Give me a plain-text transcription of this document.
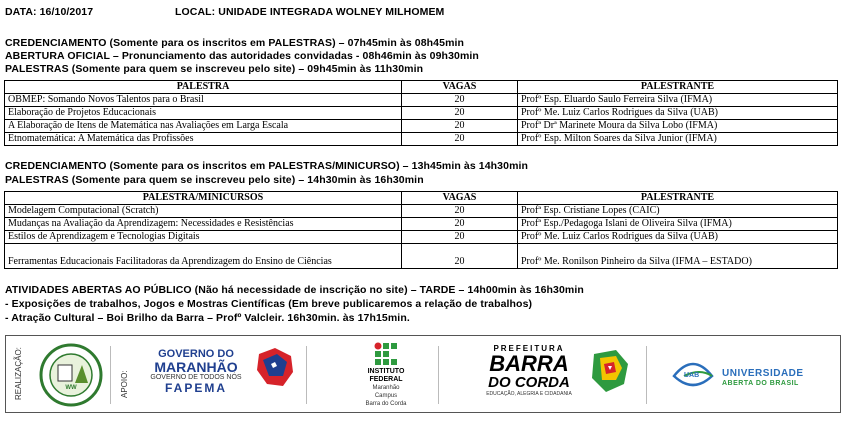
DATA: 16/10/2017	LOCAL: UNIDADE INTEGRADA WOLNEY MILHOMEM
CREDENCIAMENTO (Somente para os inscritos em PALESTRAS) – 07h45min às 08h45min
ABERTURA OFICIAL – Pronunciamento das autoridades convidadas - 08h46min às 09h30min
PALESTRAS (Somente para quem se inscreveu pelo site) – 09h45min às 11h30min
PALESTRA	VAGAS	PALESTRANTE
OBMEP: Somando Novos Talentos para o Brasil	20	Profº Esp. Eluardo Saulo Ferreira Silva (IFMA)
Elaboração de Projetos Educacionais	20	Profº Me. Luiz Carlos Rodrigues da Silva (UAB)
A Elaboração de Itens de Matemática nas Avaliações em Larga Escala	20	Profª Drª Marinete Moura da Silva Lobo (IFMA)
Etnomatemática: A Matemática das Profissões	20	Profº Esp. Milton Soares da Silva Junior (IFMA)
CREDENCIAMENTO (Somente para os inscritos em PALESTRAS/MINICURSO) – 13h45min às 14h30min
PALESTRAS (Somente para quem se inscreveu pelo site) – 14h30min às 16h30min
PALESTRA/MINICURSOS	VAGAS	PALESTRANTE
Modelagem Computacional (Scratch)	20	Profª Esp. Cristiane Lopes (CAIC)
Mudanças na Avaliação da Aprendizagem: Necessidades e Resistências	20	Profª Esp./Pedagoga Islani de Oliveira Silva (IFMA)
Estilos de Aprendizagem e Tecnologias Digitais	20	Profº Me. Luiz Carlos Rodrigues da Silva (UAB)
Ferramentas Educacionais Facilitadoras da Aprendizagem do Ensino de Ciências	20	Profº Me. Ronilson Pinheiro da Silva (IFMA – ESTADO)
ATIVIDADES ABERTAS AO PÚBLICO (Não há necessidade de inscrição no site) – TARDE – 14h00min às 16h30min
- Exposições de trabalhos, Jogos e Mostras Científicas (Em breve publicaremos a relação de trabalhos)
- Atração Cultural – Boi Brilho da Barra – Profº Valcleir. 16h30min. às 17h15min.
REALIZAÇÃO:	WW	APOIO:
GOVERNO DO
MARANHÃO
GOVERNO DE TODOS NÓS
FAPEMA
INSTITUTO
FEDERAL
Maranhão
Campus
Barra do Corda
PREFEITURA
BARRA
DO CORDA
EDUCAÇÃO, ALEGRIA E CIDADANIA
UAB UNIVERSIDADE
ABERTA DO BRASIL
